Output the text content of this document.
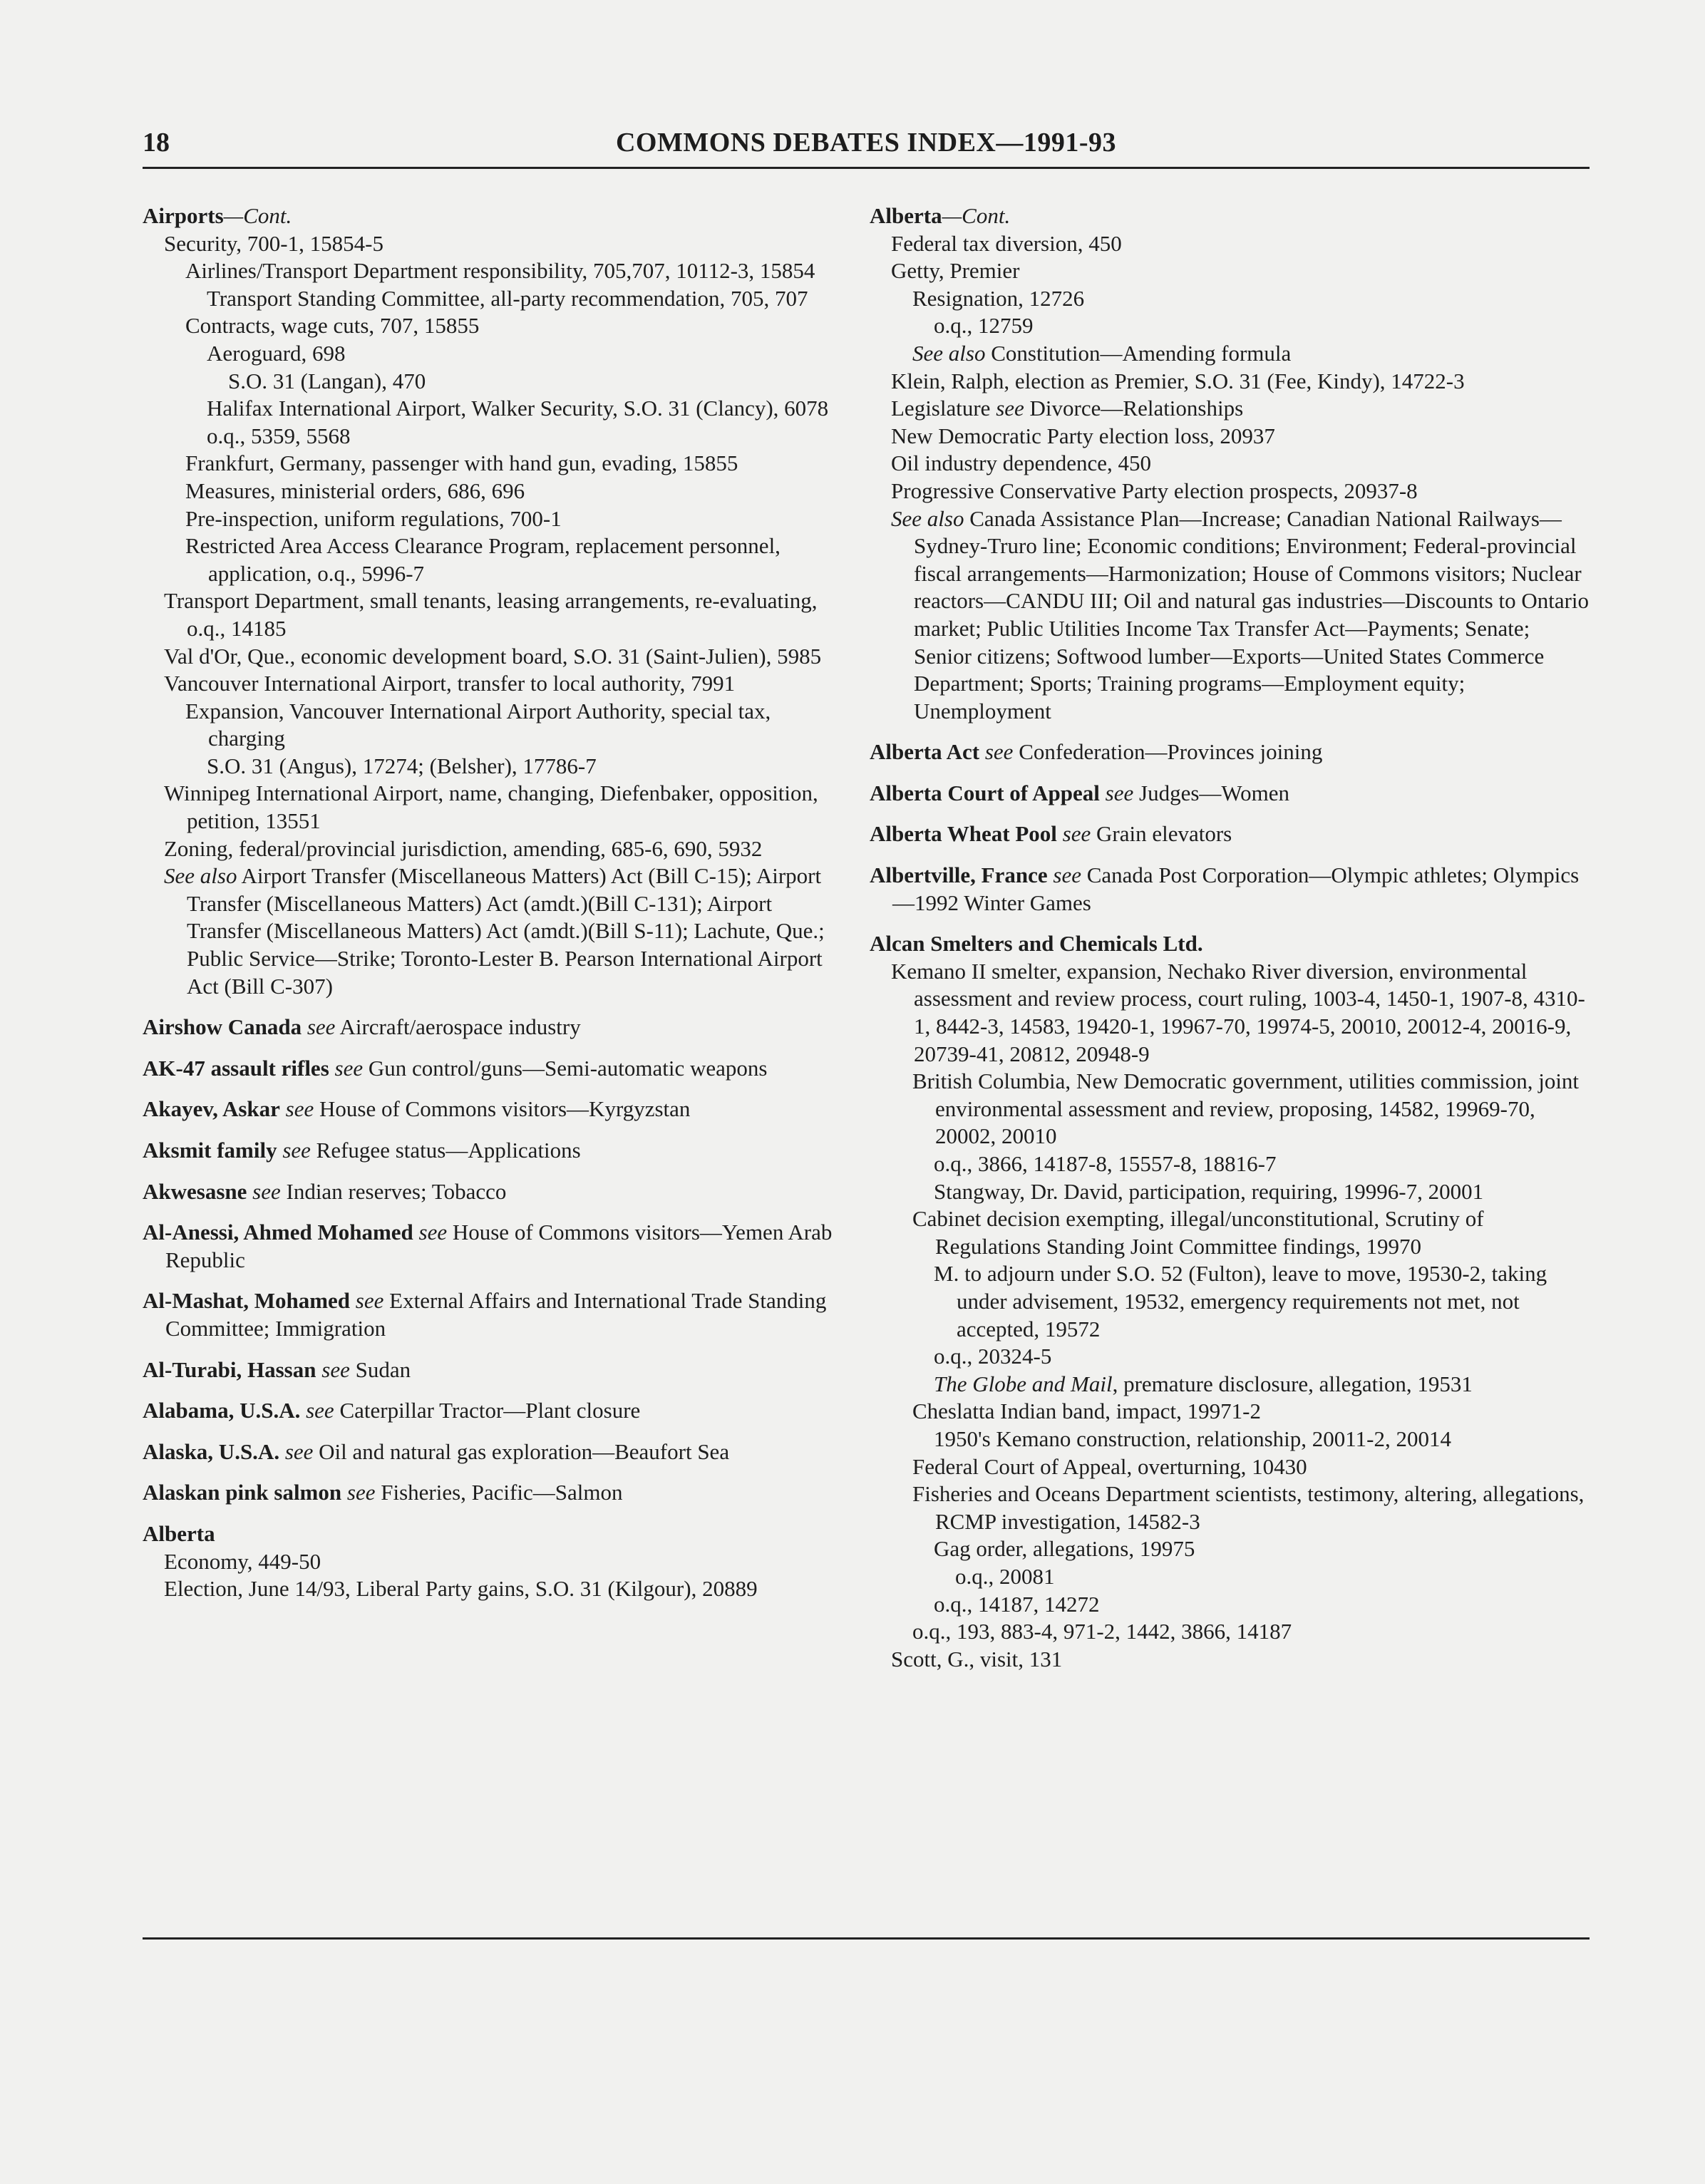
18	COMMONS DEBATES INDEX—1991-93

Airports—Cont.

Security, 700-1, 15854-5

Airlines/Transport Department responsibility, 705,707, 10112-3, 15854

Transport Standing Committee, all-party recommendation, 705, 707

Contracts, wage cuts, 707, 15855

Aeroguard, 698

S.O. 31 (Langan), 470

Halifax International Airport, Walker Security, S.O. 31 (Clancy), 6078

o.q., 5359, 5568

Frankfurt, Germany, passenger with hand gun, evading, 15855

Measures, ministerial orders, 686, 696

Pre-inspection, uniform regulations, 700-1

Restricted Area Access Clearance Program, replacement personnel, application, o.q., 5996-7

Transport Department, small tenants, leasing arrangements, re-evaluating, o.q., 14185

Val d'Or, Que., economic development board, S.O. 31 (Saint-Julien), 5985

Vancouver International Airport, transfer to local authority, 7991

Expansion, Vancouver International Airport Authority, special tax, charging

S.O. 31 (Angus), 17274; (Belsher), 17786-7

Winnipeg International Airport, name, changing, Diefenbaker, opposition, petition, 13551

Zoning, federal/provincial jurisdiction, amending, 685-6, 690, 5932

See also Airport Transfer (Miscellaneous Matters) Act (Bill C-15); Airport Transfer (Miscellaneous Matters) Act (amdt.)(Bill C-131); Airport Transfer (Miscellaneous Matters) Act (amdt.)(Bill S-11); Lachute, Que.; Public Service—Strike; Toronto-Lester B. Pearson International Airport Act (Bill C-307)

Airshow Canada see Aircraft/aerospace industry

AK-47 assault rifles see Gun control/guns—Semi-automatic weapons

Akayev, Askar see House of Commons visitors—Kyrgyzstan

Aksmit family see Refugee status—Applications

Akwesasne see Indian reserves; Tobacco

Al-Anessi, Ahmed Mohamed see House of Commons visitors—Yemen Arab Republic

Al-Mashat, Mohamed see External Affairs and International Trade Standing Committee; Immigration

Al-Turabi, Hassan see Sudan

Alabama, U.S.A. see Caterpillar Tractor—Plant closure

Alaska, U.S.A. see Oil and natural gas exploration—Beaufort Sea

Alaskan pink salmon see Fisheries, Pacific—Salmon

Alberta

Economy, 449-50

Election, June 14/93, Liberal Party gains, S.O. 31 (Kilgour), 20889

Alberta—Cont.

Federal tax diversion, 450

Getty, Premier

Resignation, 12726

o.q., 12759

See also Constitution—Amending formula

Klein, Ralph, election as Premier, S.O. 31 (Fee, Kindy), 14722-3

Legislature see Divorce—Relationships

New Democratic Party election loss, 20937

Oil industry dependence, 450

Progressive Conservative Party election prospects, 20937-8

See also Canada Assistance Plan—Increase; Canadian National Railways—Sydney-Truro line; Economic conditions; Environment; Federal-provincial fiscal arrangements—Harmonization; House of Commons visitors; Nuclear reactors—CANDU III; Oil and natural gas industries—Discounts to Ontario market; Public Utilities Income Tax Transfer Act—Payments; Senate; Senior citizens; Softwood lumber—Exports—United States Commerce Department; Sports; Training programs—Employment equity; Unemployment

Alberta Act see Confederation—Provinces joining

Alberta Court of Appeal see Judges—Women

Alberta Wheat Pool see Grain elevators

Albertville, France see Canada Post Corporation—Olympic athletes; Olympics—1992 Winter Games

Alcan Smelters and Chemicals Ltd.

Kemano II smelter, expansion, Nechako River diversion, environmental assessment and review process, court ruling, 1003-4, 1450-1, 1907-8, 4310-1, 8442-3, 14583, 19420-1, 19967-70, 19974-5, 20010, 20012-4, 20016-9, 20739-41, 20812, 20948-9

British Columbia, New Democratic government, utilities commission, joint environmental assessment and review, proposing, 14582, 19969-70, 20002, 20010

o.q., 3866, 14187-8, 15557-8, 18816-7

Stangway, Dr. David, participation, requiring, 19996-7, 20001

Cabinet decision exempting, illegal/unconstitutional, Scrutiny of Regulations Standing Joint Committee findings, 19970

M. to adjourn under S.O. 52 (Fulton), leave to move, 19530-2, taking under advisement, 19532, emergency requirements not met, not accepted, 19572

o.q., 20324-5

The Globe and Mail, premature disclosure, allegation, 19531

Cheslatta Indian band, impact, 19971-2

1950's Kemano construction, relationship, 20011-2, 20014

Federal Court of Appeal, overturning, 10430

Fisheries and Oceans Department scientists, testimony, altering, allegations, RCMP investigation, 14582-3

Gag order, allegations, 19975

o.q., 20081

o.q., 14187, 14272

o.q., 193, 883-4, 971-2, 1442, 3866, 14187

Scott, G., visit, 131
